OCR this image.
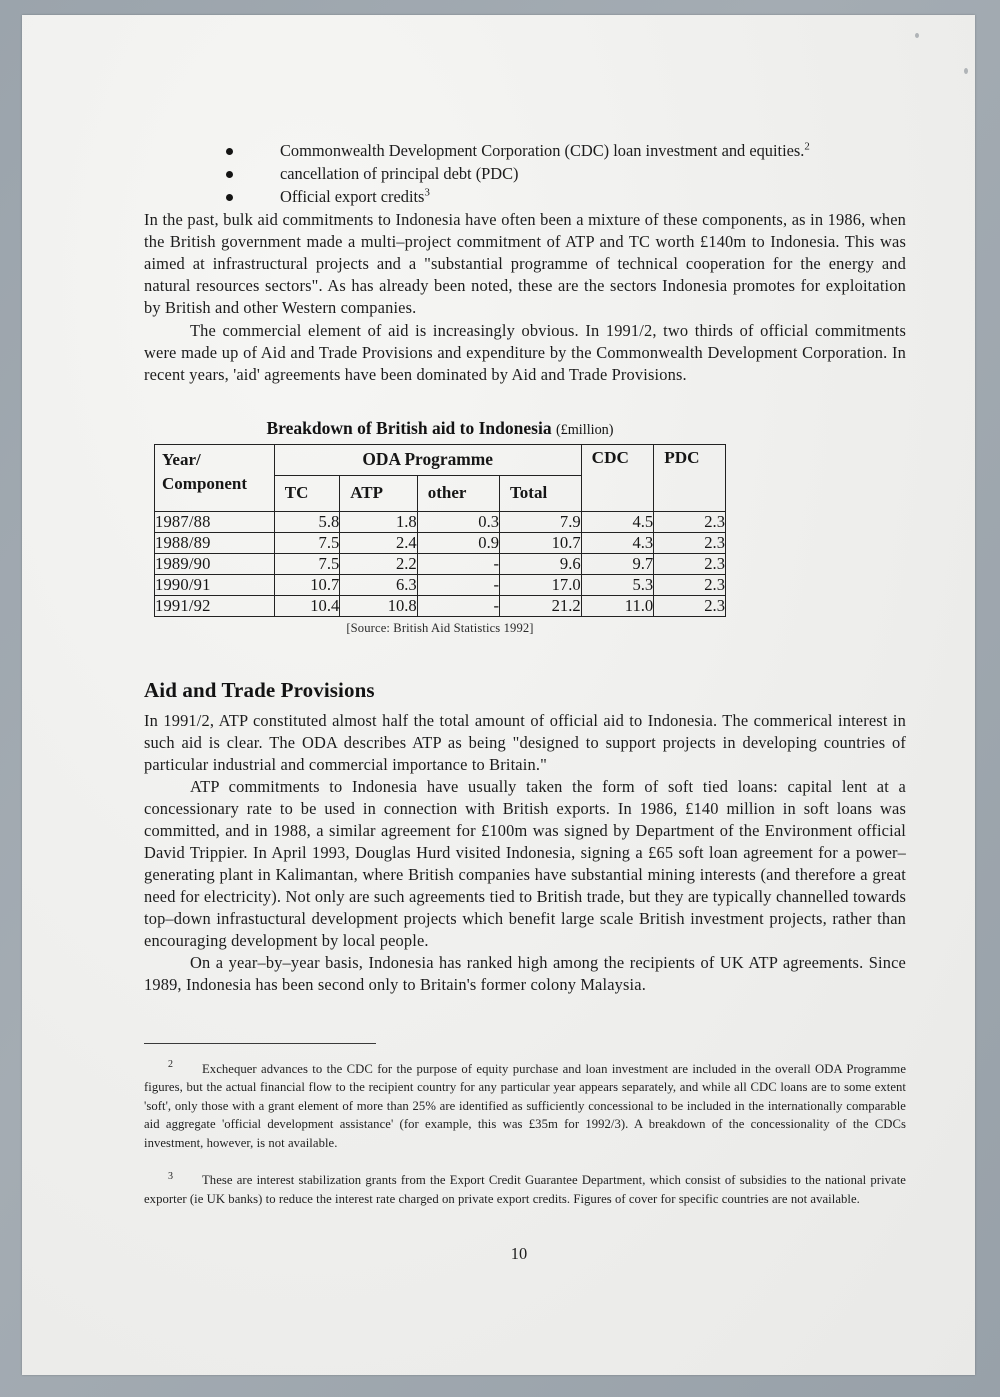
Commonwealth Development Corporation (CDC) loan investment and equities.$^2$
cancellation of principal debt (PDC)
Official export credits$^3$

In the past, bulk aid commitments to Indonesia have often been a mixture of these components, as in 1986, when the British government made a multi–project commitment of ATP and TC worth £140m to Indonesia. This was aimed at infrastructural projects and a "substantial programme of technical cooperation for the energy and natural resources sectors". As has already been noted, these are the sectors Indonesia promotes for exploitation by British and other Western companies.

The commercial element of aid is increasingly obvious. In 1991/2, two thirds of official commitments were made up of Aid and Trade Provisions and expenditure by the Commonwealth Development Corporation. In recent years, 'aid' agreements have been dominated by Aid and Trade Provisions.

Breakdown of British aid to Indonesia (£million)
Year/
Component	ODA Programme				CDC	PDC
	TC	ATP	other	Total		
1987/88	5.8	1.8	0.3	7.9	4.5	2.3
1988/89	7.5	2.4	0.9	10.7	4.3	2.3
1989/90	7.5	2.2	-	9.6	9.7	2.3
1990/91	10.7	6.3	-	17.0	5.3	2.3
1991/92	10.4	10.8	-	21.2	11.0	2.3
[Source: British Aid Statistics 1992]
Aid and Trade Provisions

In 1991/2, ATP constituted almost half the total amount of official aid to Indonesia. The commerical interest in such aid is clear. The ODA describes ATP as being "designed to support projects in developing countries of particular industrial and commercial importance to Britain."

ATP commitments to Indonesia have usually taken the form of soft tied loans: capital lent at a concessionary rate to be used in connection with British exports. In 1986, £140 million in soft loans was committed, and in 1988, a similar agreement for £100m was signed by Department of the Environment official David Trippier. In April 1993, Douglas Hurd visited Indonesia, signing a £65 soft loan agreement for a power–generating plant in Kalimantan, where British companies have substantial mining interests (and therefore a great need for electricity). Not only are such agreements tied to British trade, but they are typically channelled towards top–down infrastuctural development projects which benefit large scale British investment projects, rather than encouraging development by local people.

On a year–by–year basis, Indonesia has ranked high among the recipients of UK ATP agreements. Since 1989, Indonesia has been second only to Britain's former colony Malaysia.

2 Exchequer advances to the CDC for the purpose of equity purchase and loan investment are included in the overall ODA Programme figures, but the actual financial flow to the recipient country for any particular year appears separately, and while all CDC loans are to some extent 'soft', only those with a grant element of more than 25% are identified as sufficiently concessional to be included in the internationally comparable aid aggregate 'official development assistance' (for example, this was £35m for 1992/3). A breakdown of the concessionality of the CDCs investment, however, is not available.

3 These are interest stabilization grants from the Export Credit Guarantee Department, which consist of subsidies to the national private exporter (ie UK banks) to reduce the interest rate charged on private export credits. Figures of cover for specific countries are not available.

10
